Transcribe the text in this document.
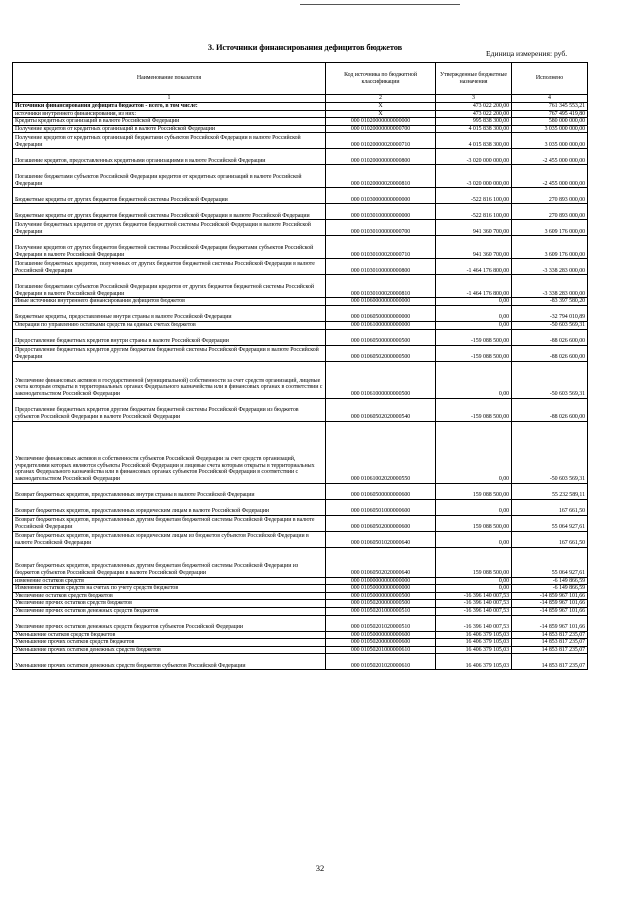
3. Источники финансирования дефицитов бюджетов
Единица измерения: руб.
Наименование показателя	Код источника по бюджетной классификации	Утвержденные бюджетные назначения	Исполнено
1	2	3	4
Источники финансирования дефицита бюджетов - всего, в том числе:	X	473 022 200,00	761 345 553,21
источники внутреннего финансирования, из них:	X	473 022 200,00	767 495 419,80
Кредиты кредитных организаций в валюте Российской Федерации	000 01020000000000000	995 838 300,00	580 000 000,00
Получение кредитов от кредитных организаций в валюте Российской Федерации	000 01020000000000700	4 015 838 300,00	3 035 000 000,00
Получение кредитов от кредитных организаций бюджетами субъектов Российской Федерации в валюте Российской Федерации	000 01020000020000710	4 015 838 300,00	3 035 000 000,00
Погашение кредитов, предоставленных кредитными организациями в валюте Российской Федерации	000 01020000000000800	-3 020 000 000,00	-2 455 000 000,00
Погашение бюджетами субъектов Российской Федерации кредитов от кредитных организаций в валюте Российской Федерации	000 01020000020000810	-3 020 000 000,00	-2 455 000 000,00
Бюджетные кредиты от других бюджетов бюджетной системы Российской Федерации	000 01030000000000000	-522 816 100,00	270 893 000,00
Бюджетные кредиты от других бюджетов бюджетной системы Российской Федерации в валюте Российской Федерации	000 01030100000000000	-522 816 100,00	270 893 000,00
Получение бюджетных кредитов от других бюджетов бюджетной системы Российской Федерации в валюте Российской Федерации	000 01030100000000700	941 360 700,00	3 609 176 000,00
Получение кредитов от других бюджетов бюджетной системы Российской Федерации бюджетами субъектов Российской Федерации в валюте Российской Федерации	000 01030100020000710	941 360 700,00	3 609 176 000,00
Погашение бюджетных кредитов, полученных от других бюджетов бюджетной системы Российской Федерации в валюте Российской Федерации	000 01030100000000800	-1 464 176 800,00	-3 338 283 000,00
Погашение бюджетами субъектов Российской Федерации кредитов от других бюджетов бюджетной системы Российской Федерации в валюте Российской Федерации	000 01030100020000810	-1 464 176 800,00	-3 338 283 000,00
Иные источники внутреннего финансирования дефицитов бюджетов	000 01060000000000000	0,00	-83 397 580,20
Бюджетные кредиты, предоставленные внутри страны в валюте Российской Федерации	000 01060500000000000	0,00	-32 794 010,89
Операции по управлению остатками средств на единых счетах бюджетов	000 01061000000000000	0,00	-50 603 569,31
Предоставление бюджетных кредитов внутри страны в валюте Российской Федерации	000 01060500000000500	-159 088 500,00	-88 026 600,00
Предоставление бюджетных кредитов другим бюджетам бюджетной системы Российской Федерации в валюте Российской Федерации	000 01060502000000500	-159 088 500,00	-88 026 600,00
Увеличение финансовых активов в государственной (муниципальной) собственности за счет средств организаций, лицевые счета которым открыты в территориальных органах Федерального казначейства или в финансовых органах в соответствии с законодательством Российской Федерации	000 01061000000000500	0,00	-50 603 569,31
Предоставление бюджетных кредитов другим бюджетам бюджетной системы Российской Федерации из бюджетов субъектов Российской Федерации в валюте Российской Федерации	000 01060502020000540	-159 088 500,00	-88 026 600,00
Увеличение финансовых активов в собственности субъектов Российской Федерации за счет средств организаций, учредителями которых являются субъекты Российской Федерации и лицевые счета которым открыты в территориальных органах Федерального казначейства или в финансовых органах субъектов Российской Федерации в соответствии с законодательством Российской Федерации	000 01061002020000550	0,00	-50 603 569,31
Возврат бюджетных кредитов, предоставленных внутри страны в валюте Российской Федерации	000 01060500000000600	159 088 500,00	55 232 589,11
Возврат бюджетных кредитов, предоставленных юридическим лицам в валюте Российской Федерации	000 01060501000000600	0,00	167 661,50
Возврат бюджетных кредитов, предоставленных другим бюджетам бюджетной системы Российской Федерации в валюте Российской Федерации	000 01060502000000600	159 088 500,00	55 064 927,61
Возврат бюджетных кредитов, предоставленных юридическим лицам из бюджетов субъектов Российской Федерации в валюте Российской Федерации	000 01060501020000640	0,00	167 661,50
Возврат бюджетных кредитов, предоставленных другим бюджетам бюджетной системы Российской Федерации из бюджетов субъектов Российской Федерации в валюте Российской Федерации	000 01060502020000640	159 088 500,00	55 064 927,61
изменение остатков средств	000 01000000000000000	0,00	-6 149 866,59
Изменение остатков средств на счетах по учету средств бюджетов	000 01050000000000000	0,00	-6 149 866,59
Увеличение остатков средств бюджетов	000 01050000000000500	-16 396 140 007,53	-14 859 967 101,66
Увеличение прочих остатков средств бюджетов	000 01050200000000500	-16 396 140 007,53	-14 859 967 101,66
Увеличение прочих остатков денежных средств бюджетов	000 01050201000000510	-16 396 140 007,53	-14 859 967 101,66
Увеличение прочих остатков денежных средств бюджетов субъектов Российской Федерации	000 01050201020000510	-16 396 140 007,53	-14 859 967 101,66
Уменьшение остатков средств бюджетов	000 01050000000000600	16 406 379 105,03	14 853 817 235,07
Уменьшение прочих остатков средств бюджетов	000 01050200000000600	16 406 379 105,03	14 853 817 235,07
Уменьшение прочих остатков денежных средств бюджетов	000 01050201000000610	16 406 379 105,03	14 853 817 235,07
Уменьшение прочих остатков денежных средств бюджетов субъектов Российской Федерации	000 01050201020000610	16 406 379 105,03	14 853 817 235,07
32
